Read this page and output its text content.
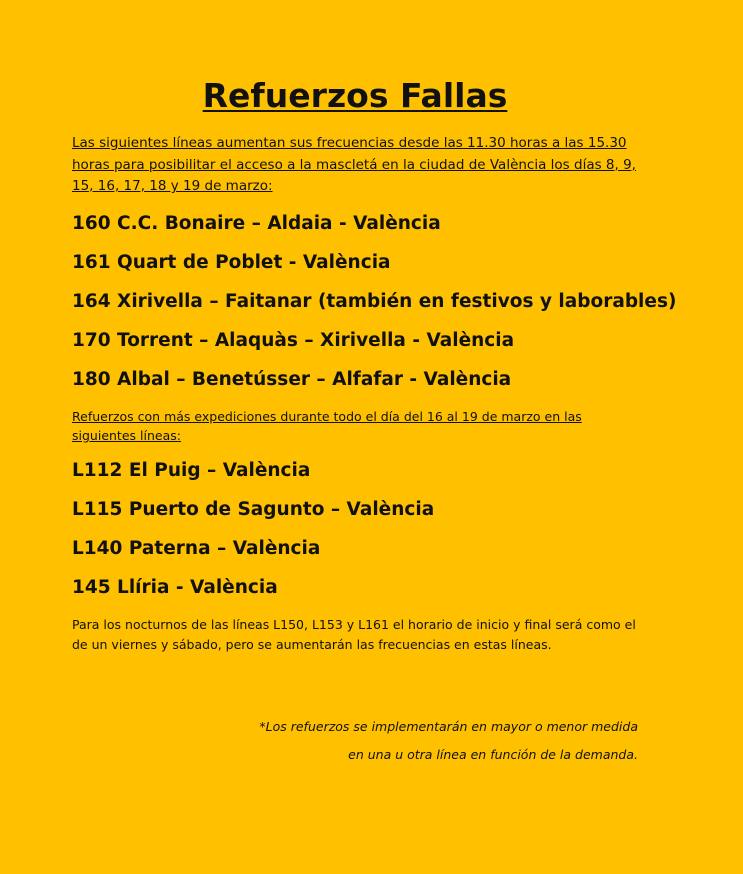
Refuerzos Fallas

Las siguientes líneas aumentan sus frecuencias desde las 11.30 horas a las 15.30 horas para posibilitar el acceso a la mascletá en la ciudad de València los días 8, 9, 15, 16, 17, 18 y 19 de marzo:

160 C.C. Bonaire – Aldaia - València
161 Quart de Poblet - València
164 Xirivella – Faitanar (también en festivos y laborables)
170 Torrent – Alaquàs – Xirivella - València
180 Albal – Benetússer – Alfafar - València

Refuerzos con más expediciones durante todo el día del 16 al 19 de marzo en las siguientes líneas:

L112 El Puig – València
L115 Puerto de Sagunto – València
L140 Paterna – València
145 Llíria - València

Para los nocturnos de las líneas L150, L153 y L161 el horario de inicio y final será como el de un viernes y sábado, pero se aumentarán las frecuencias en estas líneas.

*Los refuerzos se implementarán en mayor o menor medida
en una u otra línea en función de la demanda.
